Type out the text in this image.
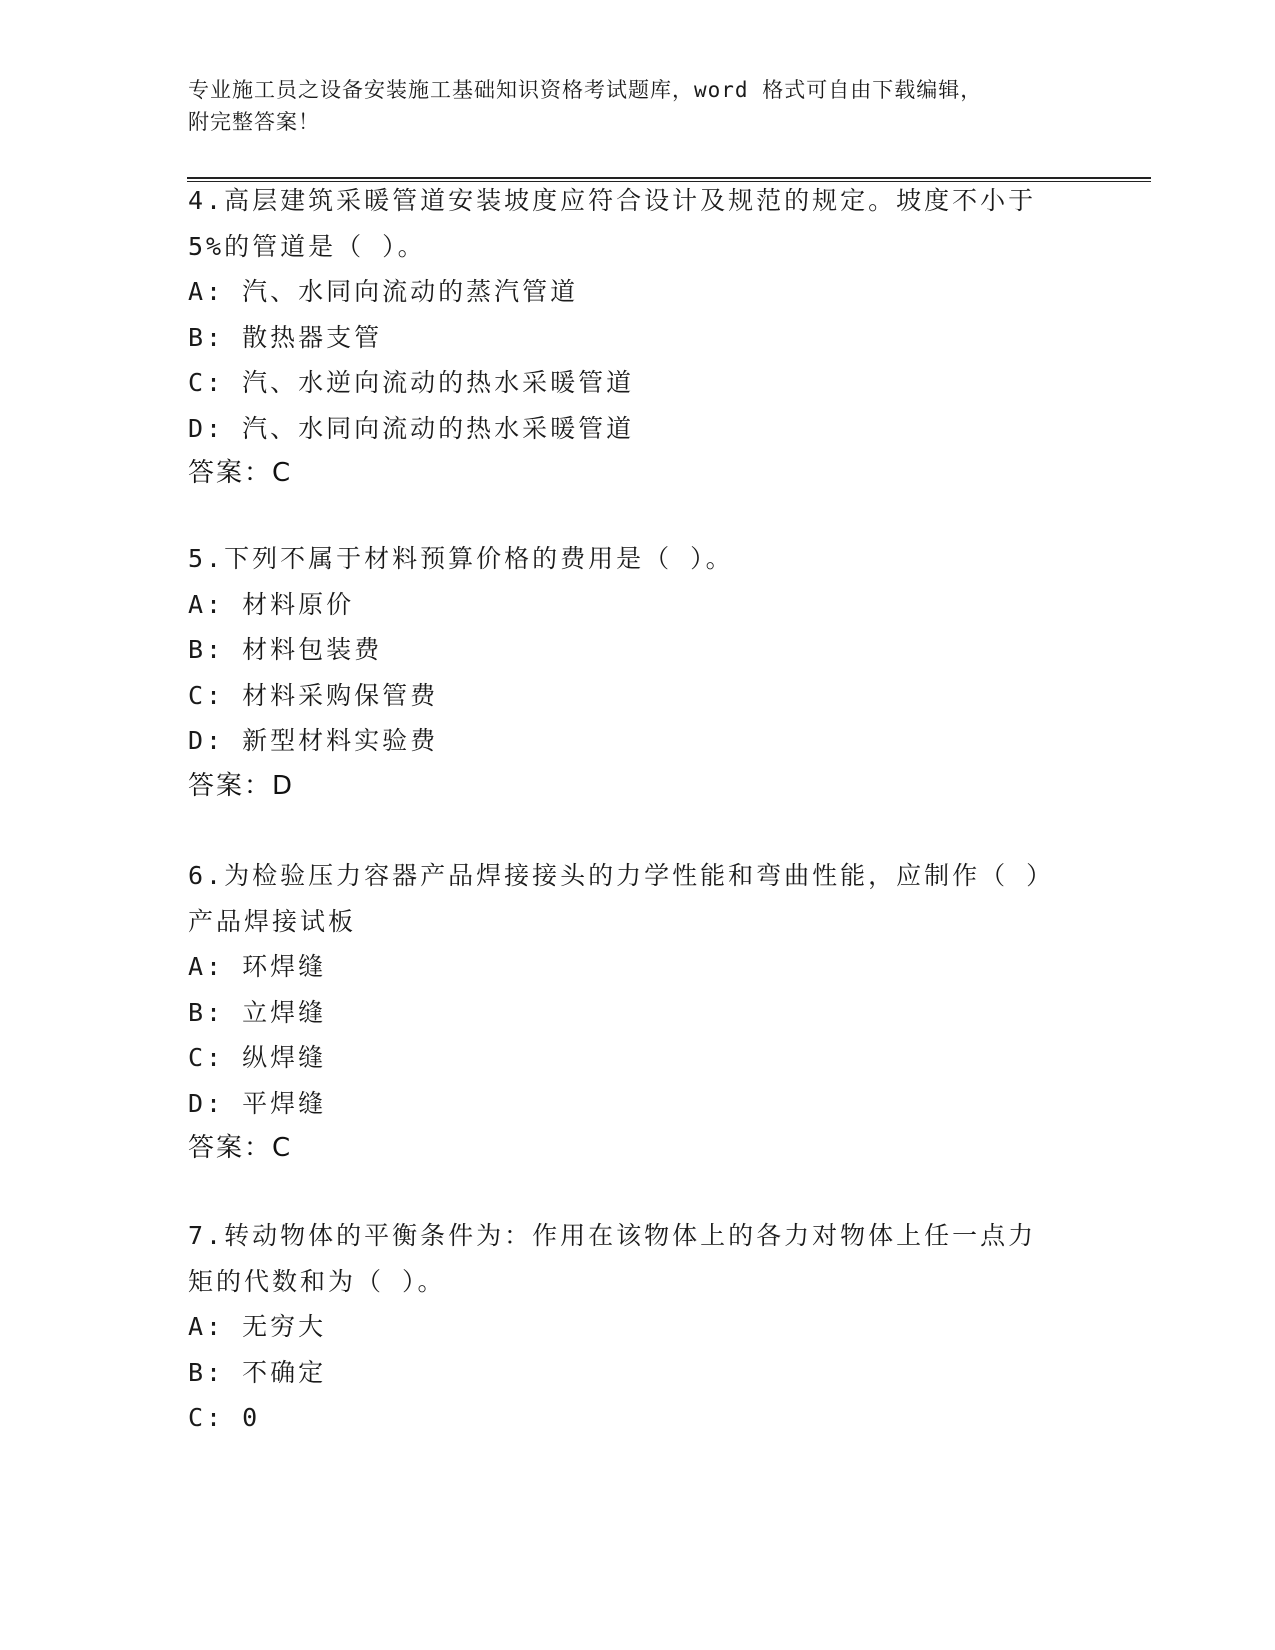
专业施工员之设备安装施工基础知识资格考试题库，word 格式可自由下载编辑，
附完整答案！
4.高层建筑采暖管道安装坡度应符合设计及规范的规定。坡度不小于
5%的管道是（ ）。
A: 汽、水同向流动的蒸汽管道
B: 散热器支管
C: 汽、水逆向流动的热水采暖管道
D: 汽、水同向流动的热水采暖管道
答案：C
5.下列不属于材料预算价格的费用是（ ）。
A: 材料原价
B: 材料包装费
C: 材料采购保管费
D: 新型材料实验费
答案：D
6.为检验压力容器产品焊接接头的力学性能和弯曲性能，应制作（ ）
产品焊接试板
A: 环焊缝
B: 立焊缝
C: 纵焊缝
D: 平焊缝
答案：C
7.转动物体的平衡条件为：作用在该物体上的各力对物体上任一点力
矩的代数和为（ ）。
A: 无穷大
B: 不确定
C: 0
